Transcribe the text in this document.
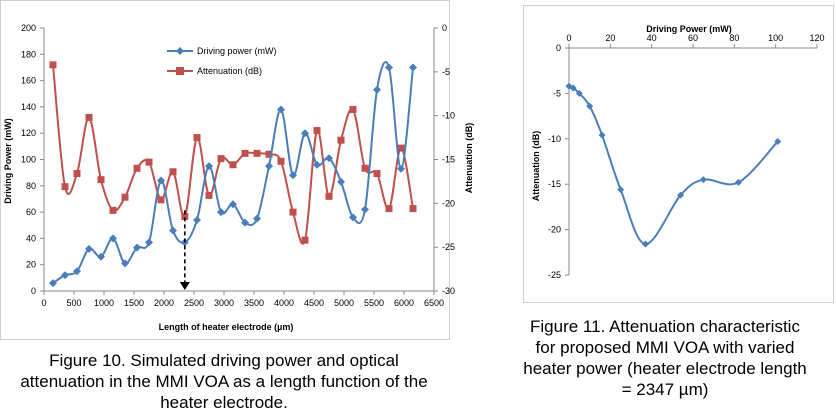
0 500 1000 1500 2000 2500 3000 3500 4000 4500 5000 5500 6000 6500
0
20
40
60
80
100
120
140
160
180
200	0
-5
-10
-15
-20
-25
-30
Driving power (mW)
Attenuation (dB)
Length of heater electrode (µm)
Driving Power (mW)	Attenuation (dB)
0	20	40	60	80	100	120
0
-5
-10
-15
-20
-25
Driving Power (mW)
Attenuation (dB)
Figure 10. Simulated driving power and optical
attenuation in the MMI VOA as a length function of the
heater electrode.
Figure 11. Attenuation characteristic
for proposed MMI VOA with varied
heater power (heater electrode length
= 2347 µm)
